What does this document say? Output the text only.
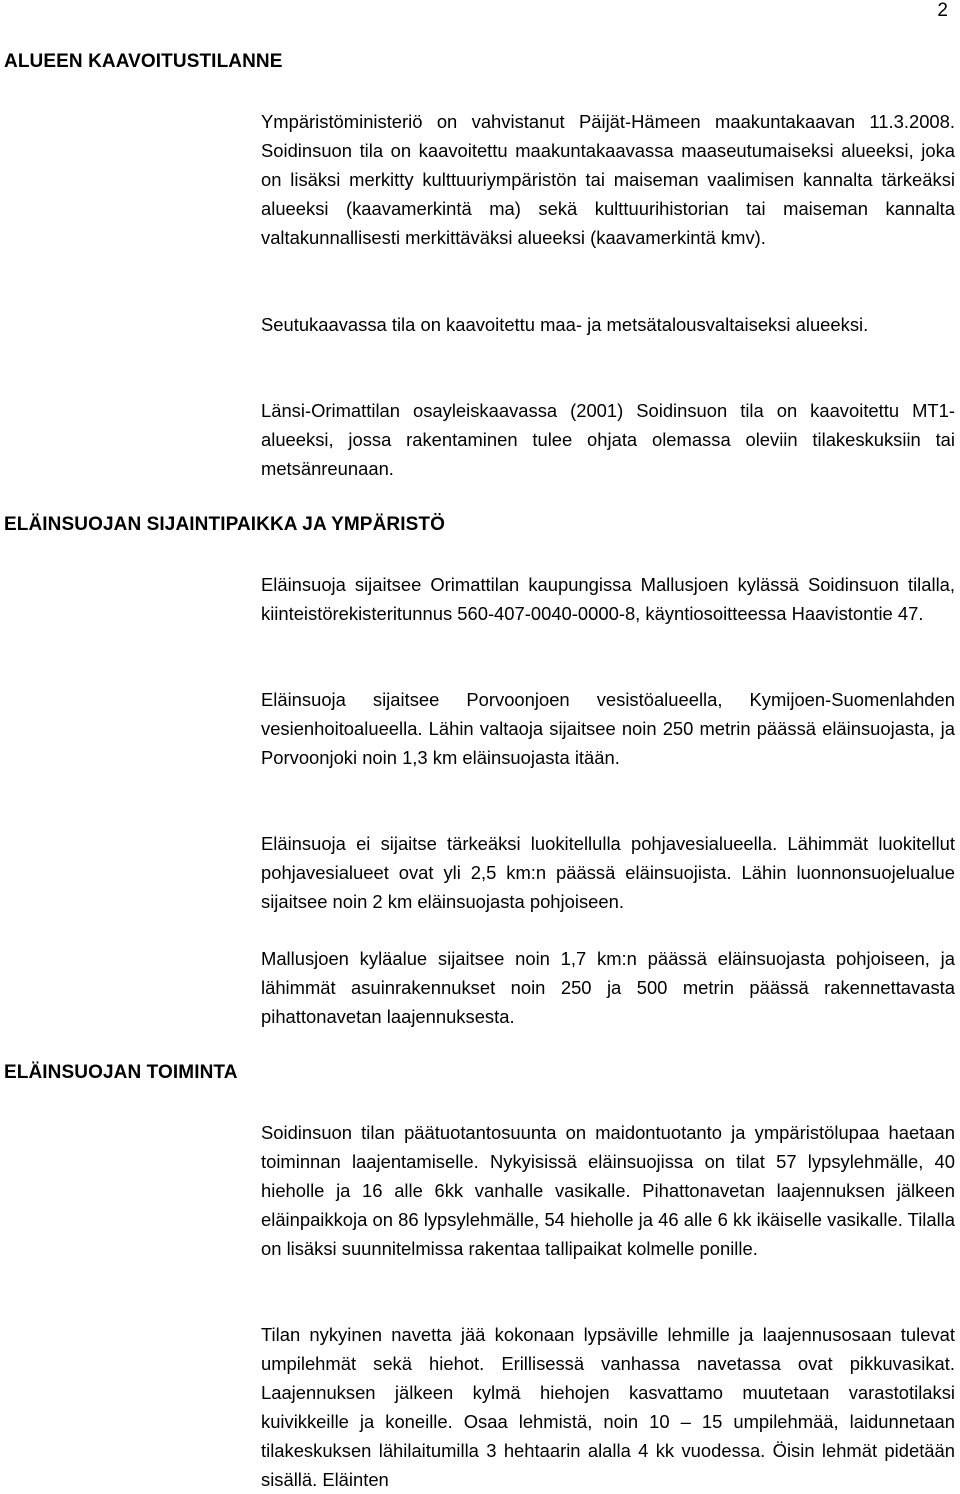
2
ALUEEN KAAVOITUSTILANNE

Ympäristöministeriö on vahvistanut Päijät-Hämeen maakuntakaavan 11.3.2008. Soidinsuon tila on kaavoitettu maakuntakaavassa maaseutumaiseksi alueeksi, joka on lisäksi merkitty kulttuuriympäristön tai maiseman vaalimisen kannalta tärkeäksi alueeksi (kaavamerkintä ma) sekä kulttuurihistorian tai maiseman kannalta valtakunnallisesti merkittäväksi alueeksi (kaavamerkintä kmv).

Seutukaavassa tila on kaavoitettu maa- ja metsätalousvaltaiseksi alueeksi.

Länsi-Orimattilan osayleiskaavassa (2001) Soidinsuon tila on kaavoitettu MT1-alueeksi, jossa rakentaminen tulee ohjata olemassa oleviin tilakeskuksiin tai metsänreunaan.

ELÄINSUOJAN SIJAINTIPAIKKA JA YMPÄRISTÖ

Eläinsuoja sijaitsee Orimattilan kaupungissa Mallusjoen kylässä Soidinsuon tilalla, kiinteistörekisteritunnus 560-407-0040-0000-8, käyntiosoitteessa Haavistontie 47.

Eläinsuoja sijaitsee Porvoonjoen vesistöalueella, Kymijoen-Suomenlahden vesienhoitoalueella. Lähin valtaoja sijaitsee noin 250 metrin päässä eläinsuojasta, ja Porvoonjoki noin 1,3 km eläinsuojasta itään.

Eläinsuoja ei sijaitse tärkeäksi luokitellulla pohjavesialueella. Lähimmät luokitellut pohjavesialueet ovat yli 2,5 km:n päässä eläinsuojista. Lähin luonnonsuojelualue sijaitsee noin 2 km eläinsuojasta pohjoiseen.

Mallusjoen kyläalue sijaitsee noin 1,7 km:n päässä eläinsuojasta pohjoiseen, ja lähimmät asuinrakennukset noin 250 ja 500 metrin päässä rakennettavasta pihattonavetan laajennuksesta.

ELÄINSUOJAN TOIMINTA

Soidinsuon tilan päätuotantosuunta on maidontuotanto ja ympäristölupaa haetaan toiminnan laajentamiselle. Nykyisissä eläinsuojissa on tilat 57 lypsylehmälle, 40 hieholle ja 16 alle 6kk vanhalle vasikalle. Pihattonavetan laajennuksen jälkeen eläinpaikkoja on 86 lypsylehmälle, 54 hieholle ja 46 alle 6 kk ikäiselle vasikalle. Tilalla on lisäksi suunnitelmissa rakentaa tallipaikat kolmelle ponille.

Tilan nykyinen navetta jää kokonaan lypsäville lehmille ja laajennusosaan tulevat umpilehmät sekä hiehot. Erillisessä vanhassa navetassa ovat pikkuvasikat. Laajennuksen jälkeen kylmä hiehojen kasvattamo muutetaan varastotilaksi kuivikkeille ja koneille. Osaa lehmistä, noin 10 – 15 umpilehmää, laidunnetaan tilakeskuksen lähilaitumilla 3 hehtaarin alalla 4 kk vuodessa. Öisin lehmät pidetään sisällä. Eläinten
